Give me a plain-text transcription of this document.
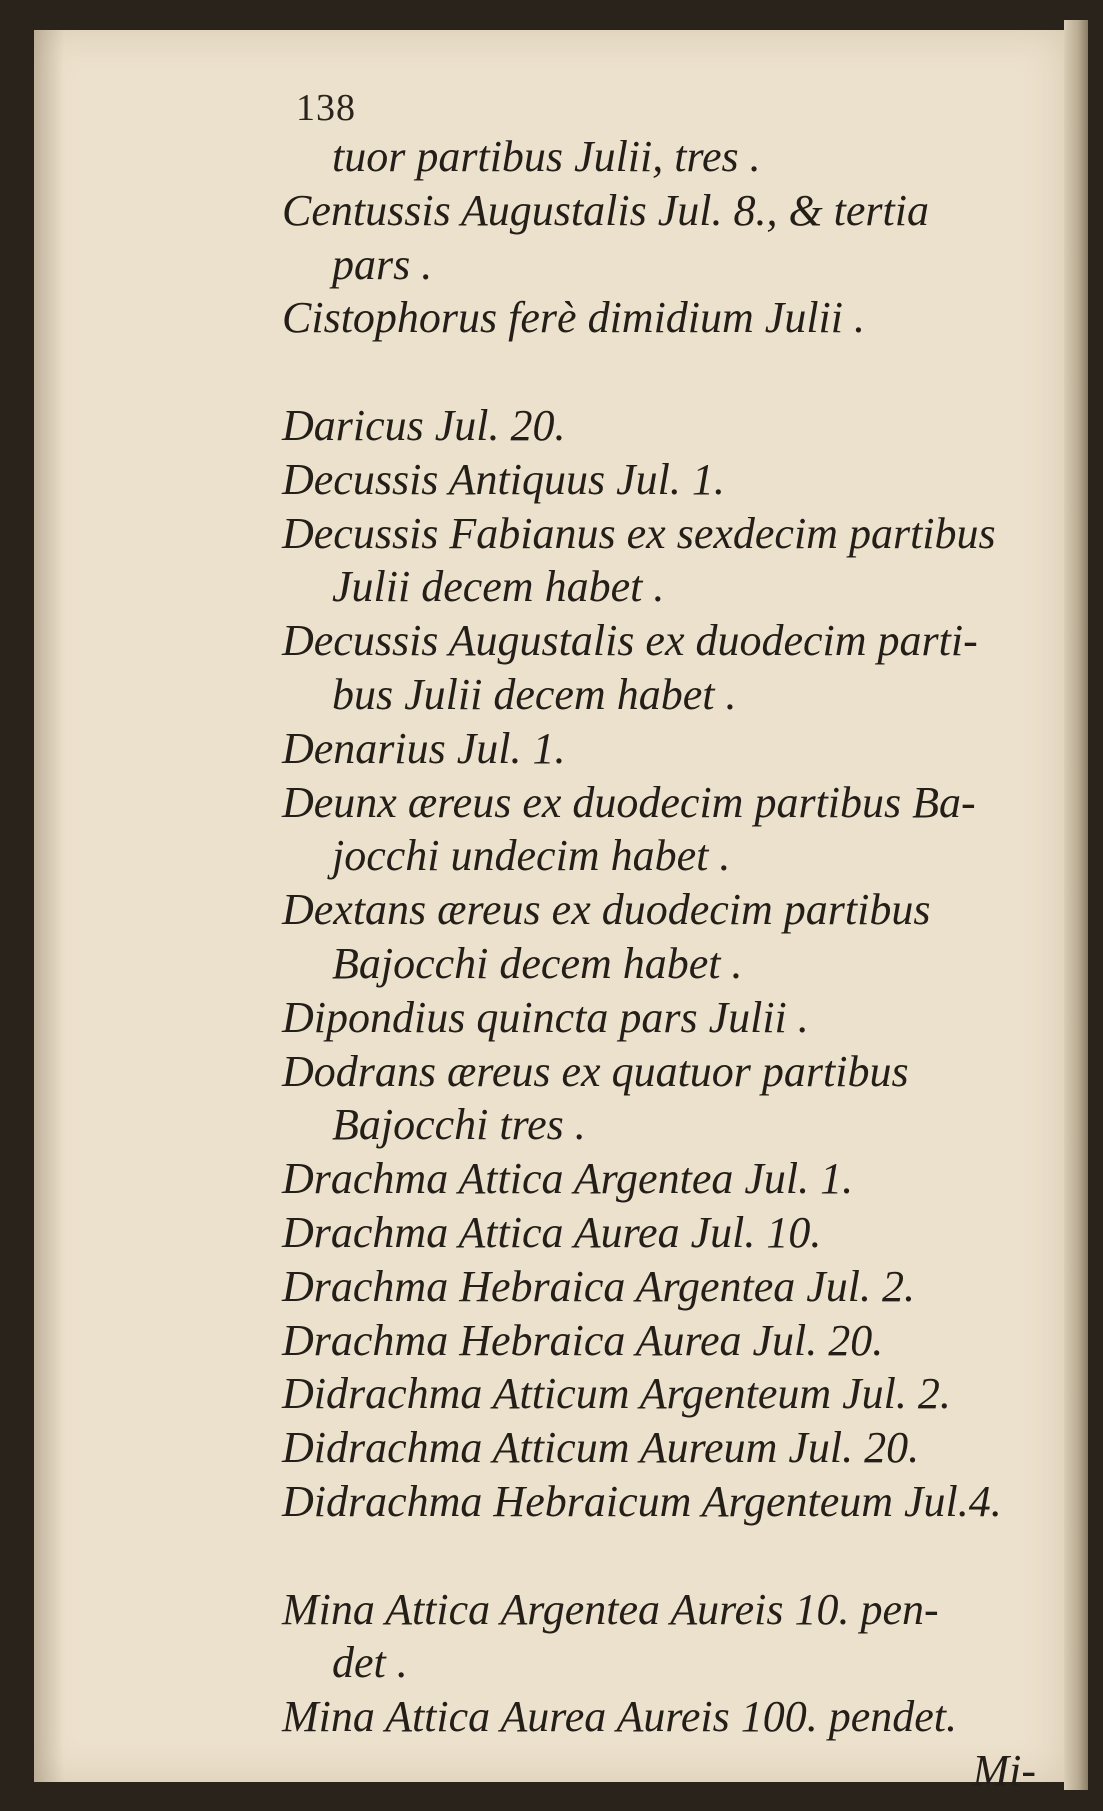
138
tuor partibus Julii, tres .
Centussis Augustalis Jul. 8., & tertia
pars .
Cistophorus ferè dimidium Julii .
Daricus Jul. 20.
Decussis Antiquus Jul. 1.
Decussis Fabianus ex sexdecim partibus
Julii decem habet .
Decussis Augustalis ex duodecim parti-
bus Julii decem habet .
Denarius Jul. 1.
Deunx æreus ex duodecim partibus Ba-
jocchi undecim habet .
Dextans æreus ex duodecim partibus
Bajocchi decem habet .
Dipondius quincta pars Julii .
Dodrans æreus ex quatuor partibus
Bajocchi tres .
Drachma Attica Argentea Jul. 1.
Drachma Attica Aurea Jul. 10.
Drachma Hebraica Argentea Jul. 2.
Drachma Hebraica Aurea Jul. 20.
Didrachma Atticum Argenteum Jul. 2.
Didrachma Atticum Aureum Jul. 20.
Didrachma Hebraicum Argenteum Jul.4.
Mina Attica Argentea Aureis 10. pen-
det .
Mina Attica Aurea Aureis 100. pendet.
Mi-
